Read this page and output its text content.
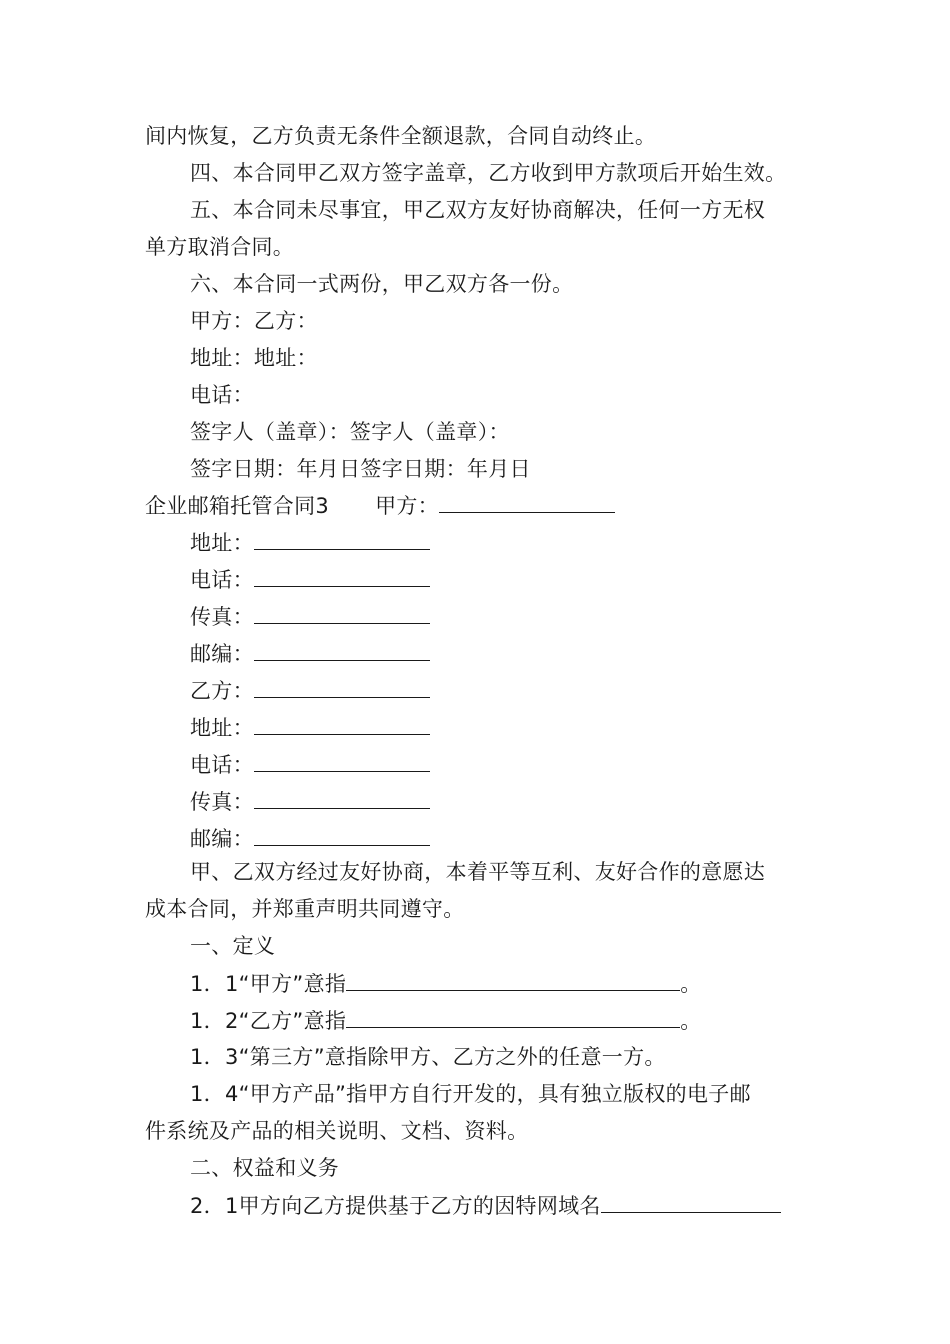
间内恢复，乙方负责无条件全额退款，合同自动终止。
四、本合同甲乙双方签字盖章，乙方收到甲方款项后开始生效。
五、本合同未尽事宜，甲乙双方友好协商解决，任何一方无权
单方取消合同。
六、本合同一式两份，甲乙双方各一份。
甲方：乙方：
地址：地址：
电话：
签字人（盖章）：签字人（盖章）：
签字日期：年月日签字日期：年月日
企业邮箱托管合同3 甲方：
地址：
电话：
传真：
邮编：
乙方：
地址：
电话：
传真：
邮编：
甲、乙双方经过友好协商，本着平等互利、友好合作的意愿达
成本合同，并郑重声明共同遵守。
一、定义
1．1“甲方”意指	。
1．2“乙方”意指	。
1．3“第三方”意指除甲方、乙方之外的任意一方。
1．4“甲方产品”指甲方自行开发的，具有独立版权的电子邮
件系统及产品的相关说明、文档、资料。
二、权益和义务
2．1甲方向乙方提供基于乙方的因特网域名
